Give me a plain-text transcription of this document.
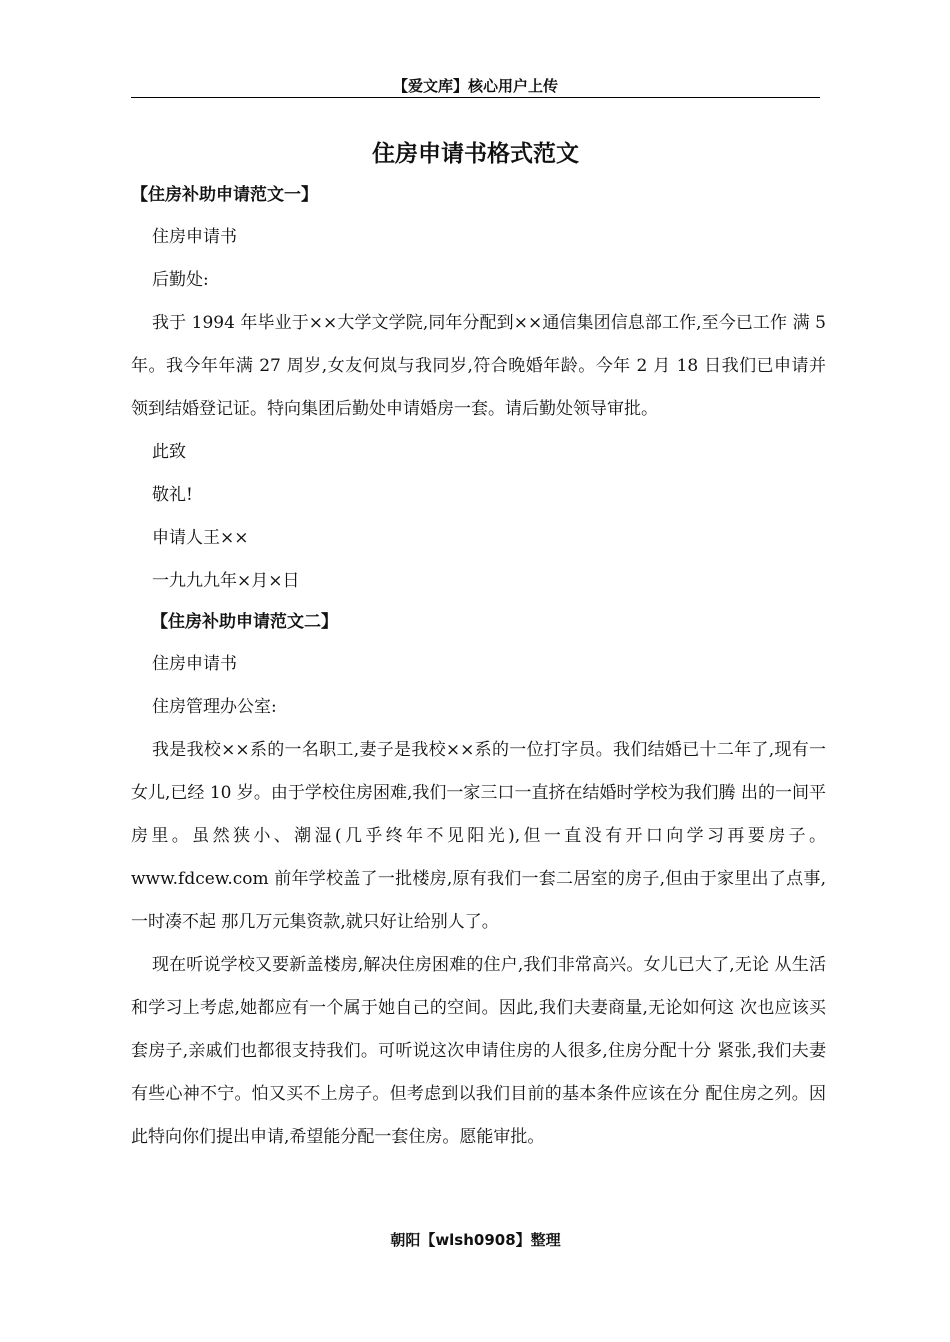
【爱文库】核心用户上传
住房申请书格式范文

【住房补助申请范文一】

住房申请书

后勤处:

我于 1994 年毕业于××大学文学院,同年分配到××通信集团信息部工作,至今已工作 满 5 年。我今年年满 27 周岁,女友何岚与我同岁,符合晚婚年龄。今年 2 月 18 日我们已申请并 领到结婚登记证。特向集团后勤处申请婚房一套。请后勤处领导审批。

此致

敬礼!

申请人王××

一九九九年×月×日

【住房补助申请范文二】

住房申请书

住房管理办公室:

我是我校××系的一名职工,妻子是我校××系的一位打字员。我们结婚已十二年了,现有一女儿,已经 10 岁。由于学校住房困难,我们一家三口一直挤在结婚时学校为我们腾 出的一间平房里。虽然狭小、潮湿(几乎终年不见阳光),但一直没有开口向学习再要房子。www.fdcew.com 前年学校盖了一批楼房,原有我们一套二居室的房子,但由于家里出了点事,一时凑不起 那几万元集资款,就只好让给别人了。

现在听说学校又要新盖楼房,解决住房困难的住户,我们非常高兴。女儿已大了,无论 从生活和学习上考虑,她都应有一个属于她自己的空间。因此,我们夫妻商量,无论如何这 次也应该买套房子,亲戚们也都很支持我们。可听说这次申请住房的人很多,住房分配十分 紧张,我们夫妻有些心神不宁。怕又买不上房子。但考虑到以我们目前的基本条件应该在分 配住房之列。因此特向你们提出申请,希望能分配一套住房。愿能审批。

朝阳【wlsh0908】整理
